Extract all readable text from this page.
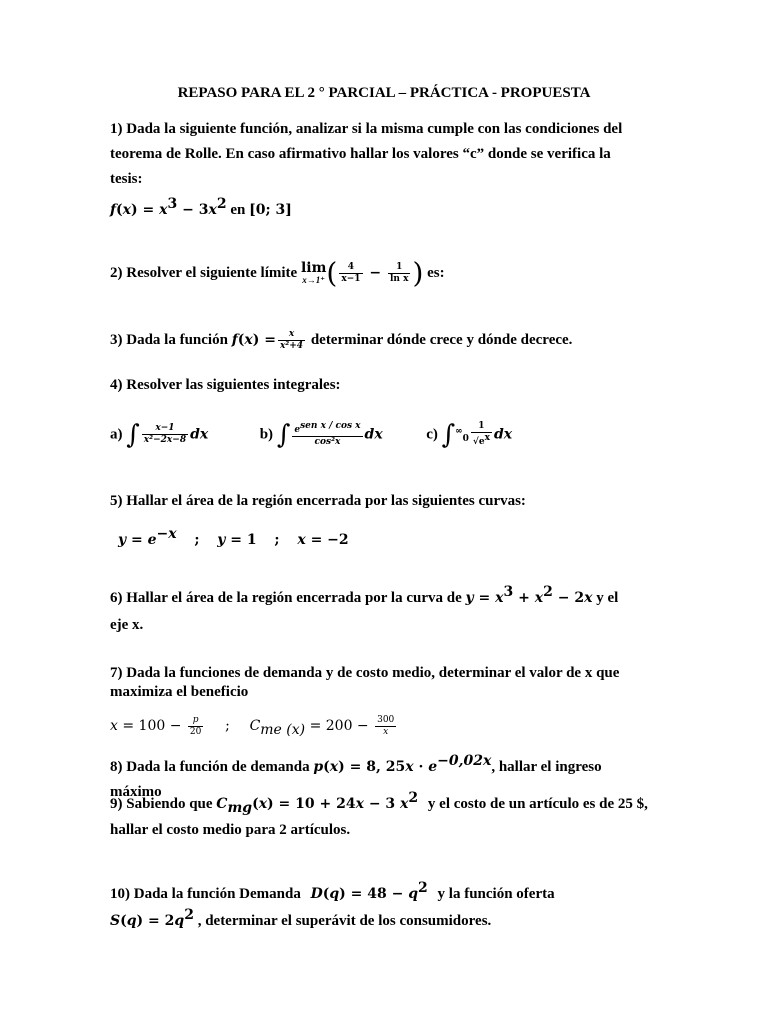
REPASO PARA EL 2 ° PARCIAL – PRÁCTICA - PROPUESTA
1) Dada la siguiente función, analizar si la misma cumple con las condiciones del
teorema de Rolle. En caso afirmativo hallar los valores “c” donde se verifica la
tesis:
$f(x) = x^3 - 3x^2$ en [0; 3]
2) Resolver el siguiente límite lim
x→1⁺ ( $\frac{4}{x-1} - \frac{1}{\text{ln x}}$ ) es:
3) Dada la función $f(x) = \frac{x}{\text{x²+4}}$ determinar dónde crece y dónde decrece.
4) Resolver las siguientes integrales:
a) ∫ $\frac{x-1}{\text{x²−2x−8}}$ dx	b) ∫ $\frac{e^{sen x / cos x}}{\text{cos²x}}$ dx	c) $\int^\infty_0 \frac{1}{√e^x}$ dx
5) Hallar el área de la región encerrada por las siguientes curvas:
$y = e^{-x}$ ; y = 1 ; x = −2
6) Hallar el área de la región encerrada por la curva de $y = x^3 + x^2 - 2x$ y el
eje x.
7) Dada la funciones de demanda y de costo medio, determinar el valor de x que
maximiza el beneficio
$x = 100 - \frac{p}{20}$ ; $C_{me (x)} = 200 - \frac{300}{x}$
8) Dada la función de demanda p(x) = 8, $25x \cdot e^{-0,02x}$, hallar el ingreso máximo
9) Sabiendo que $C_{mg}(x) = 10 + 24x - 3$ $x^2$ y el costo de un artículo es de 25 $,
hallar el costo medio para 2 artículos.
10) Dada la función Demanda $D(q) = 48 - q^2$ y la función oferta
$S(q) = 2q^2$ , determinar el superávit de los consumidores.
